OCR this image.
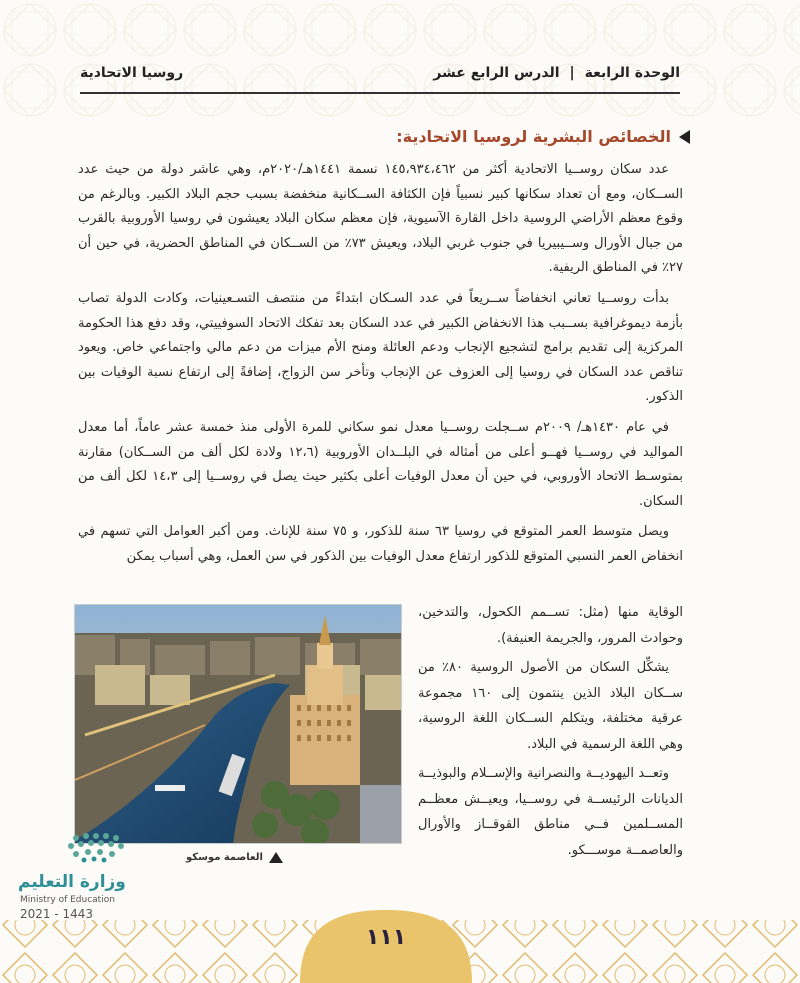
الوحدة الرابعة
|
الدرس الرابع عشر
روسيا الاتحادية
الخصائص البشرية لروسيا الاتحادية:

عدد سكان روســيا الاتحادية أكثر من ١٤٥،٩٣٤،٤٦٢ نسمة ١٤٤١هـ/٢٠٢٠م، وهي عاشر دولة من حيث عدد الســكان، ومع أن تعداد سكانها كبير نسبياً فإن الكثافة الســكانية منخفضة بسبب حجم البلاد الكبير. وبالرغم من وقوع معظم الأراضي الروسية داخل القارة الآسيوية، فإن معظم سكان البلاد يعيشون في روسيا الأوروبية بالقرب من جبال الأورال وســيبيريا في جنوب غربي البلاد، ويعيش ٧٣٪ من الســكان في المناطق الحضرية، في حين أن ٢٧٪ في المناطق الريفية.

بدأت روســيا تعاني انخفاضاً ســريعاً في عدد السـكان ابتداءً من منتصف التسـعينيات، وكادت الدولة تصاب بأزمة ديموغرافية بســبب هذا الانخفاض الكبير في عدد السكان بعد تفكك الاتحاد السوفييتي، وقد دفع هذا الحكومة المركزية إلى تقديم برامج لتشجيع الإنجاب ودعم العائلة ومنح الأم ميزات من دعم مالي واجتماعي خاص. ويعود تناقص عدد السكان في روسيا إلى العزوف عن الإنجاب وتأخر سن الزواج، إضافةً إلى ارتفاع نسبة الوفيات بين الذكور.

في عام ١٤٣٠هـ/ ٢٠٠٩م ســجلت روســيا معدل نمو سكاني للمرة الأولى منذ خمسة عشر عاماً، أما معدل المواليد في روســيا فهــو أعلى من أمثاله في البلــدان الأوروبية (١٢،٦ ولادة لكل ألف من الســكان) مقارنة بمتوسـط الاتحاد الأوروبي، في حين أن معدل الوفيات أعلى بكثير حيث يصل في روســيا إلى ١٤،٣ لكل ألف من السكان.

ويصل متوسط العمر المتوقع في روسيا ٦٣ سنة للذكور، و ٧٥ سنة للإناث. ومن أكبر العوامل التي تسهم في انخفاض العمر النسبي المتوقع للذكور ارتفاع معدل الوفيات بين الذكور في سن العمل، وهي أسباب يمكن

الوقاية منها (مثل: تســمم الكحول، والتدخين، وحوادث المرور، والجريمة العنيفة).

يشكِّل السكان من الأصول الروسية ٨٠٪ من ســكان البلاد الذين ينتمون إلى ١٦٠ مجموعة عرقية مختلفة، ويتكلم الســكان اللغة الروسية، وهي اللغة الرسمية في البلاد.

وتعــد اليهوديــة والنصرانية والإســلام والبوذيــة الديانات الرئيســة في روســيا، ويعيــش معظــم المســلمين فــي مناطق القوقــاز والأورال والعاصمــة موســـكو.

العاصمة موسكو
وزارة التعليم
Ministry of Education
2021 - 1443
١١١
